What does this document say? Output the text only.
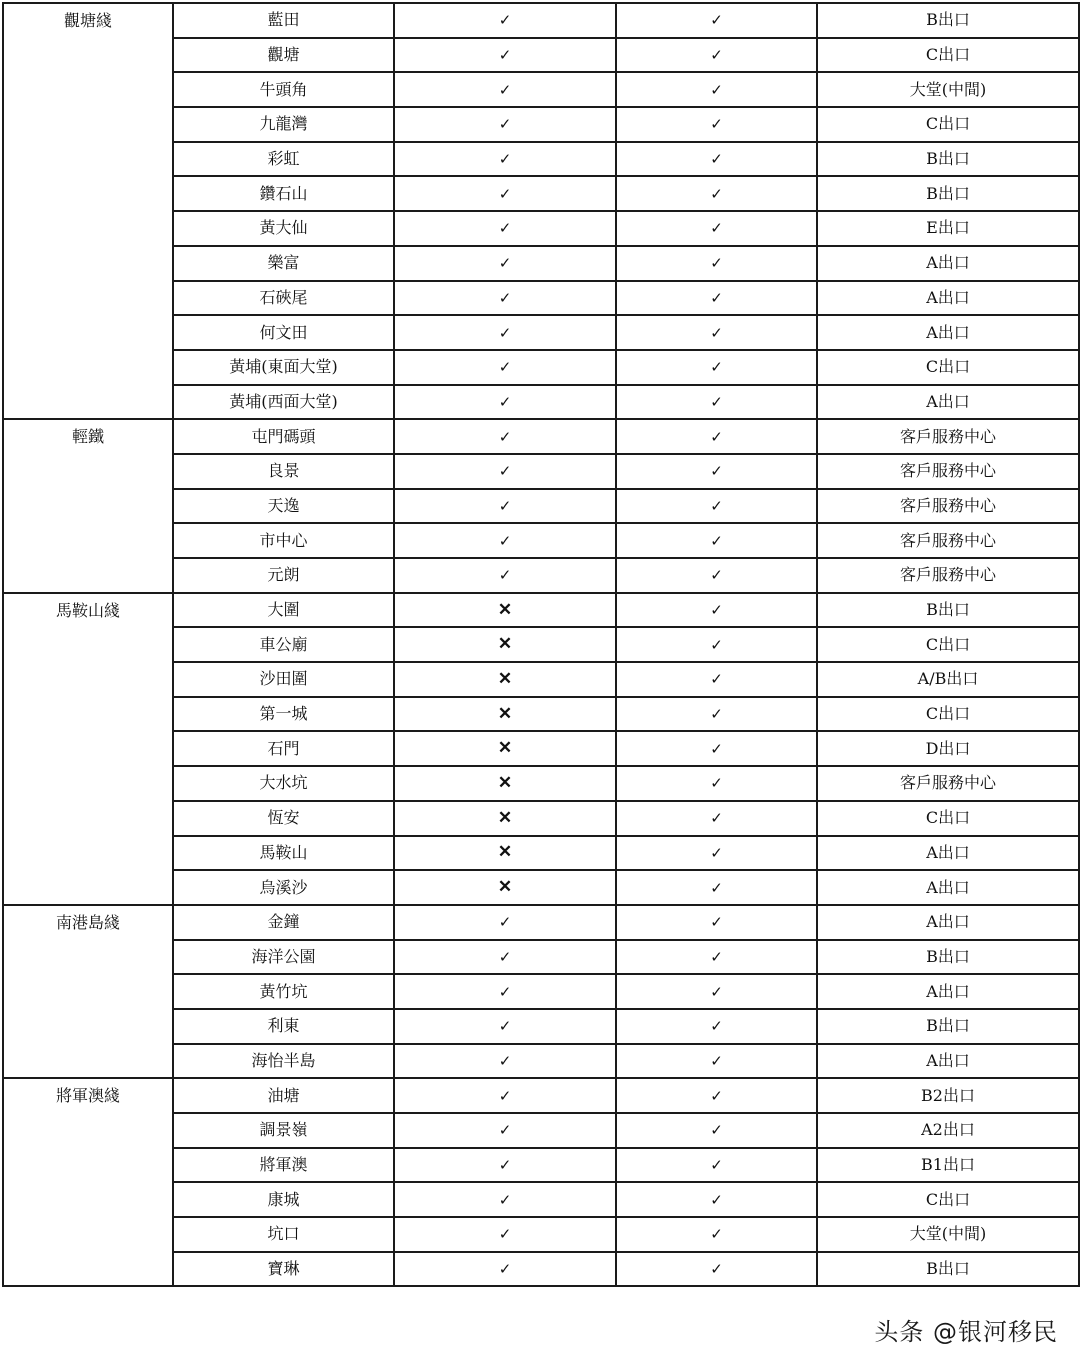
觀塘綫	藍田	✓	✓	B出口
	觀塘	✓	✓	C出口
	牛頭角	✓	✓	大堂(中間)
	九龍灣	✓	✓	C出口
	彩虹	✓	✓	B出口
	鑽石山	✓	✓	B出口
	黃大仙	✓	✓	E出口
	樂富	✓	✓	A出口
	石硤尾	✓	✓	A出口
	何文田	✓	✓	A出口
	黃埔(東面大堂)	✓	✓	C出口
	黃埔(西面大堂)	✓	✓	A出口
輕鐵	屯門碼頭	✓	✓	客戶服務中心
	良景	✓	✓	客戶服務中心
	天逸	✓	✓	客戶服務中心
	市中心	✓	✓	客戶服務中心
	元朗	✓	✓	客戶服務中心
馬鞍山綫	大圍	✕	✓	B出口
	車公廟	✕	✓	C出口
	沙田圍	✕	✓	A/B出口
	第一城	✕	✓	C出口
	石門	✕	✓	D出口
	大水坑	✕	✓	客戶服務中心
	恆安	✕	✓	C出口
	馬鞍山	✕	✓	A出口
	烏溪沙	✕	✓	A出口
南港島綫	金鐘	✓	✓	A出口
	海洋公園	✓	✓	B出口
	黃竹坑	✓	✓	A出口
	利東	✓	✓	B出口
	海怡半島	✓	✓	A出口
將軍澳綫	油塘	✓	✓	B2出口
	調景嶺	✓	✓	A2出口
	將軍澳	✓	✓	B1出口
	康城	✓	✓	C出口
	坑口	✓	✓	大堂(中間)
	寶琳	✓	✓	B出口
头条 @银河移民
